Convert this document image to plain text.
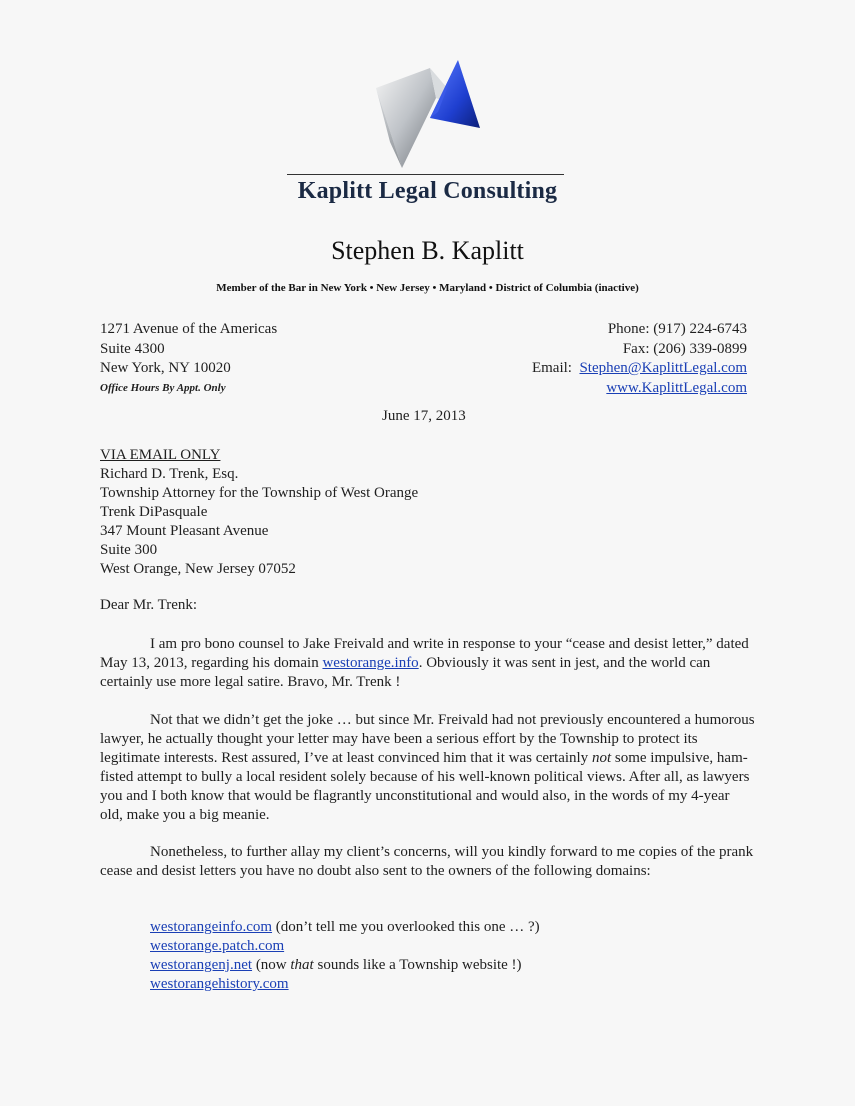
Kaplitt Legal Consulting
Stephen B. Kaplitt
Member of the Bar in New York • New Jersey • Maryland • District of Columbia (inactive)
1271 Avenue of the Americas
Suite 4300
New York, NY 10020
Office Hours By Appt. Only
Phone: (917) 224-6743
Fax: (206) 339-0899
Email: Stephen@KaplittLegal.com
www.KaplittLegal.com
June 17, 2013
VIA EMAIL ONLY
Richard D. Trenk, Esq.
Township Attorney for the Township of West Orange
Trenk DiPasquale
347 Mount Pleasant Avenue
Suite 300
West Orange, New Jersey 07052
Dear Mr. Trenk:
I am pro bono counsel to Jake Freivald and write in response to your “cease and desist letter,” dated May 13, 2013, regarding his domain westorange.info. Obviously it was sent in jest, and the world can certainly use more legal satire. Bravo, Mr. Trenk !
Not that we didn’t get the joke … but since Mr. Freivald had not previously encountered a humorous lawyer, he actually thought your letter may have been a serious effort by the Township to protect its legitimate interests. Rest assured, I’ve at least convinced him that it was certainly not some impulsive, ham-fisted attempt to bully a local resident solely because of his well-known political views. After all, as lawyers you and I both know that would be flagrantly unconstitutional and would also, in the words of my 4-year old, make you a big meanie.
Nonetheless, to further allay my client’s concerns, will you kindly forward to me copies of the prank cease and desist letters you have no doubt also sent to the owners of the following domains:
westorangeinfo.com (don’t tell me you overlooked this one … ?)
westorange.patch.com
westorangenj.net (now that sounds like a Township website !)
westorangehistory.com
